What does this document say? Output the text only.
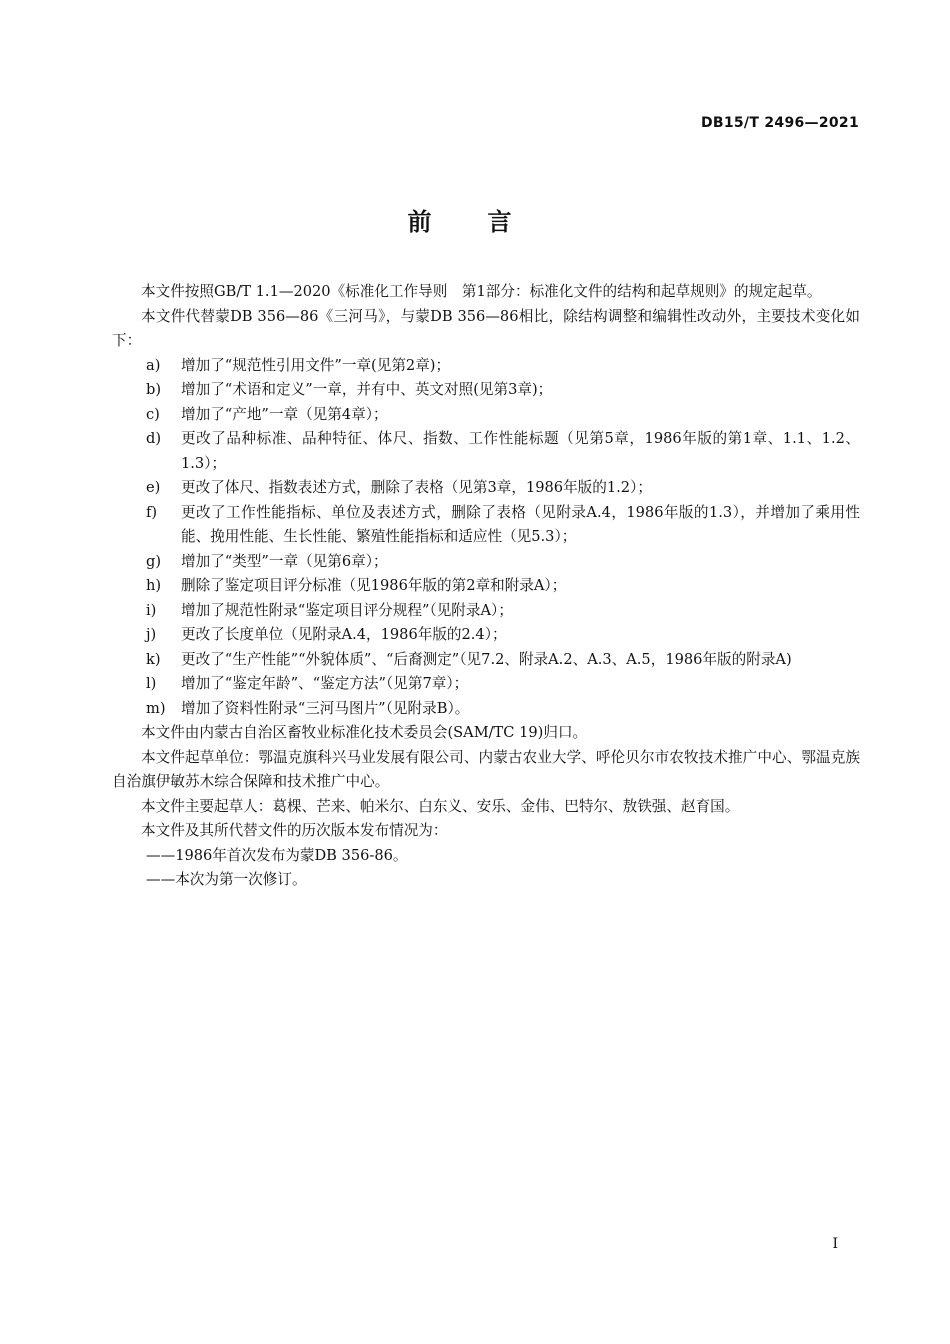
DB15/T 2496—2021
前言

本文件按照GB/T 1.1—2020《标准化工作导则　第1部分：标准化文件的结构和起草规则》的规定起草。

本文件代替蒙DB 356—86《三河马》，与蒙DB 356—86相比，除结构调整和编辑性改动外，主要技术变化如下：

a) 增加了“规范性引用文件”一章(见第2章)；

b) 增加了“术语和定义”一章，并有中、英文对照(见第3章)；

c) 增加了“产地”一章（见第4章）；

d) 更改了品种标准、品种特征、体尺、指数、工作性能标题（见第5章，1986年版的第1章、1.1、1.2、1.3）；

e) 更改了体尺、指数表述方式，删除了表格（见第3章，1986年版的1.2）；

f) 更改了工作性能指标、单位及表述方式，删除了表格（见附录A.4，1986年版的1.3），并增加了乘用性能、挽用性能、生长性能、繁殖性能指标和适应性（见5.3）；

g) 增加了“类型”一章（见第6章）；

h) 删除了鉴定项目评分标准（见1986年版的第2章和附录A）；

i) 增加了规范性附录“鉴定项目评分规程”（见附录A）；

j) 更改了长度单位（见附录A.4，1986年版的2.4）；

k) 更改了“生产性能”“外貌体质”、“后裔测定”（见7.2、附录A.2、A.3、A.5，1986年版的附录A)

l) 增加了“鉴定年龄”、“鉴定方法”（见第7章）；

m) 增加了资料性附录“三河马图片”（见附录B）。

本文件由内蒙古自治区畜牧业标准化技术委员会(SAM/TC 19)归口。

本文件起草单位：鄂温克旗科兴马业发展有限公司、内蒙古农业大学、呼伦贝尔市农牧技术推广中心、鄂温克族自治旗伊敏苏木综合保障和技术推广中心。

本文件主要起草人：葛棵、芒来、帕米尔、白东义、安乐、金伟、巴特尔、敖铁强、赵育国。

本文件及其所代替文件的历次版本发布情况为：

——1986年首次发布为蒙DB 356-86。

——本次为第一次修订。

I
